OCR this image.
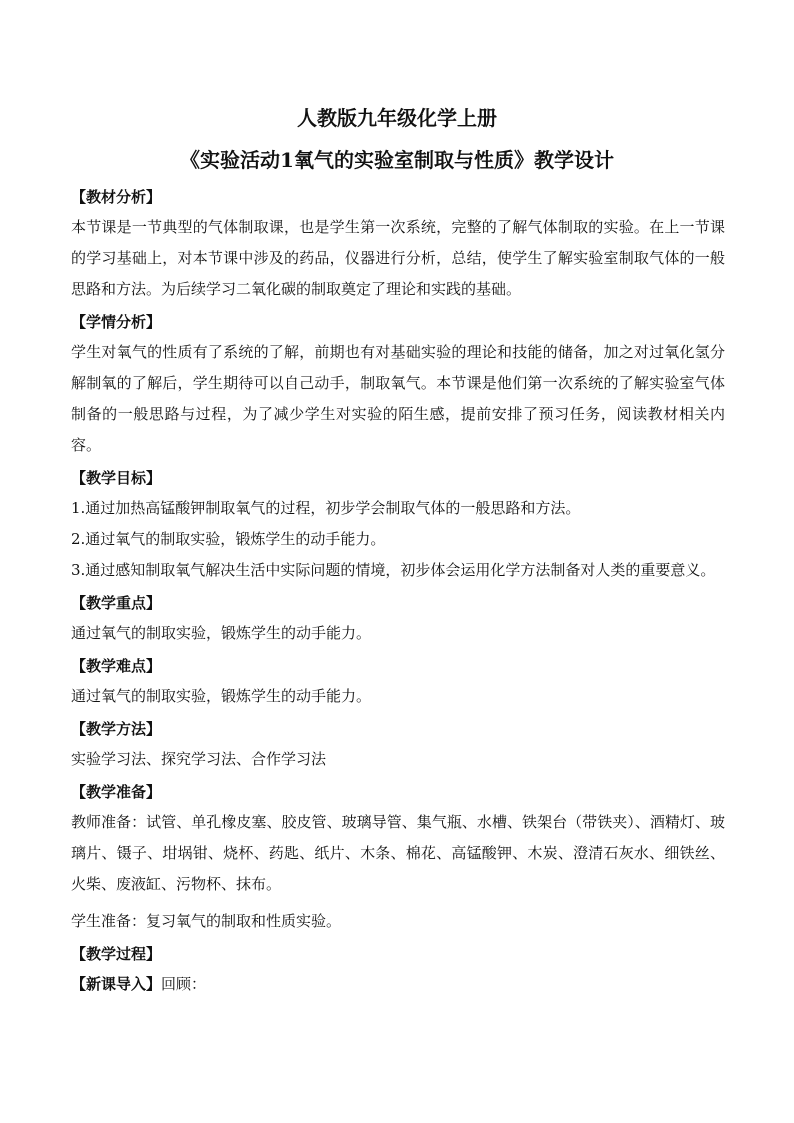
人教版九年级化学上册
《实验活动1氧气的实验室制取与性质》教学设计
【教材分析】
本节课是一节典型的气体制取课，也是学生第一次系统，完整的了解气体制取的实验。在上一节课的学习基础上，对本节课中涉及的药品，仪器进行分析，总结，使学生了解实验室制取气体的一般思路和方法。为后续学习二氧化碳的制取奠定了理论和实践的基础。
【学情分析】
学生对氧气的性质有了系统的了解，前期也有对基础实验的理论和技能的储备，加之对过氧化氢分解制氧的了解后，学生期待可以自己动手，制取氧气。本节课是他们第一次系统的了解实验室气体制备的一般思路与过程，为了减少学生对实验的陌生感，提前安排了预习任务，阅读教材相关内容。
【教学目标】
1.通过加热高锰酸钾制取氧气的过程，初步学会制取气体的一般思路和方法。
2.通过氧气的制取实验，锻炼学生的动手能力。
3.通过感知制取氧气解决生活中实际问题的情境，初步体会运用化学方法制备对人类的重要意义。
【教学重点】
通过氧气的制取实验，锻炼学生的动手能力。
【教学难点】
通过氧气的制取实验，锻炼学生的动手能力。
【教学方法】
实验学习法、探究学习法、合作学习法
【教学准备】
教师准备：试管、单孔橡皮塞、胶皮管、玻璃导管、集气瓶、水槽、铁架台（带铁夹）、酒精灯、玻璃片、镊子、坩埚钳、烧杯、药匙、纸片、木条、棉花、高锰酸钾、木炭、澄清石灰水、细铁丝、火柴、废液缸、污物杯、抹布。
学生准备：复习氧气的制取和性质实验。
【教学过程】
【新课导入】回顾：
